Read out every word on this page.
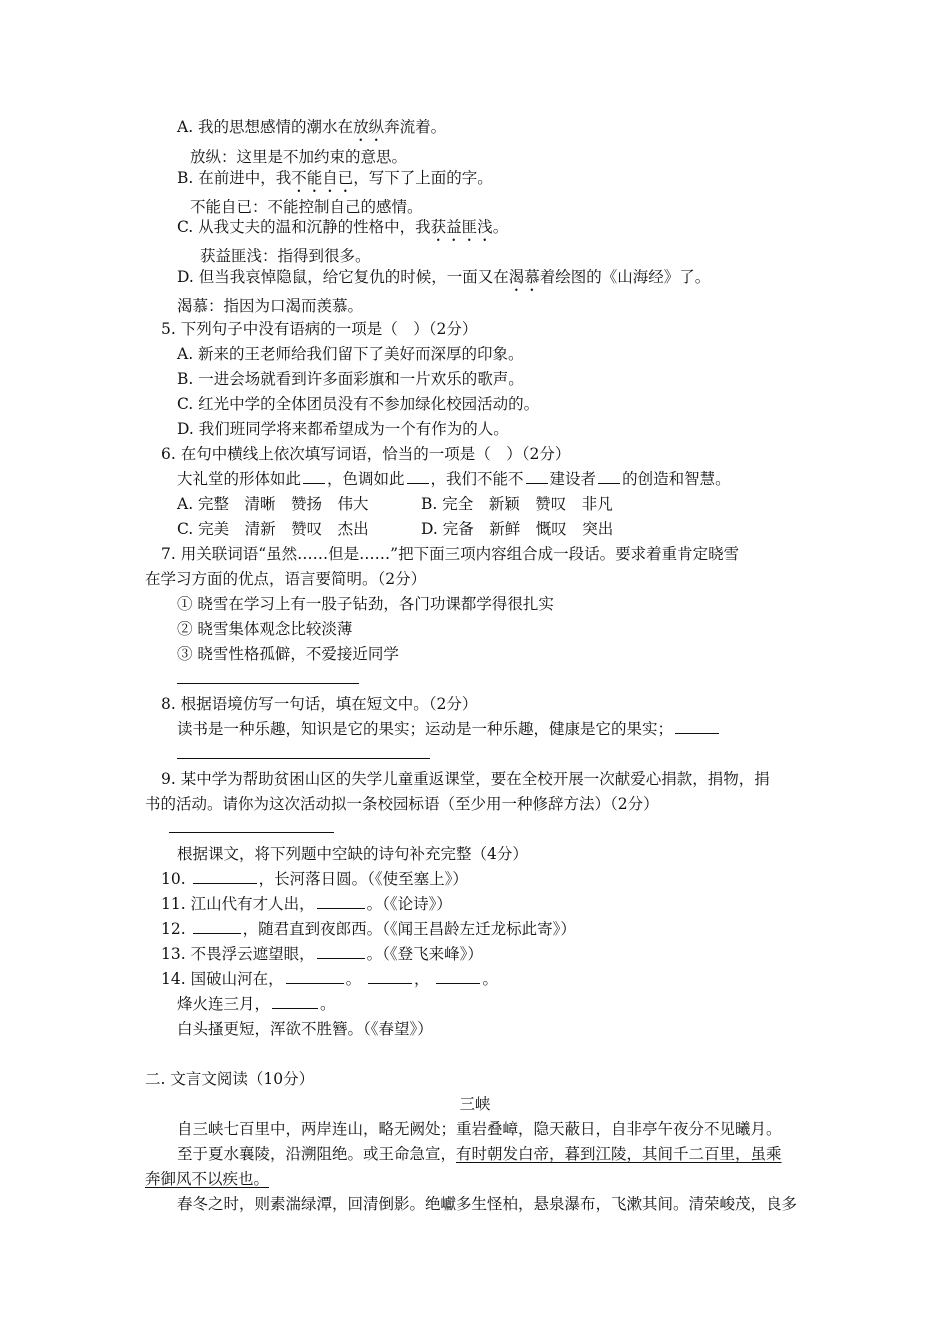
A. 我的思想感情的潮水在放纵奔流着。
放纵：这里是不加约束的意思。
B. 在前进中，我不能自已，写下了上面的字。
不能自已：不能控制自己的感情。
C. 从我丈夫的温和沉静的性格中，我获益匪浅。
获益匪浅：指得到很多。
D. 但当我哀悼隐鼠，给它复仇的时候，一面又在渴慕着绘图的《山海经》了。
渴慕：指因为口渴而羡慕。
5. 下列句子中没有语病的一项是（　）（2分）
A. 新来的王老师给我们留下了美好而深厚的印象。
B. 一进会场就看到许多面彩旗和一片欢乐的歌声。
C. 红光中学的全体团员没有不参加绿化校园活动的。
D. 我们班同学将来都希望成为一个有作为的人。
6. 在句中横线上依次填写词语，恰当的一项是（　）（2分）
大礼堂的形体如此 ，色调如此 ，我们不能不 建设者 的创造和智慧。
A. 完整　清晰　赞扬　伟大	B. 完全　新颖　赞叹　非凡
C. 完美　清新　赞叹　杰出	D. 完备　新鲜　慨叹　突出
7. 用关联词语“虽然……但是……”把下面三项内容组合成一段话。要求着重肯定晓雪
在学习方面的优点，语言要简明。（2分）
① 晓雪在学习上有一股子钻劲，各门功课都学得很扎实
② 晓雪集体观念比较淡薄
③ 晓雪性格孤僻，不爱接近同学
8. 根据语境仿写一句话，填在短文中。（2分）
读书是一种乐趣，知识是它的果实；运动是一种乐趣，健康是它的果实；
9. 某中学为帮助贫困山区的失学儿童重返课堂，要在全校开展一次献爱心捐款，捐物，捐
书的活动。请你为这次活动拟一条校园标语（至少用一种修辞方法）（2分）
根据课文，将下列题中空缺的诗句补充完整（4分）
10.	，长河落日圆。（《使至塞上》）
11. 江山代有才人出，	。（《论诗》）
12.	，随君直到夜郎西。（《闻王昌龄左迁龙标此寄》）
13. 不畏浮云遮望眼，	。（《登飞来峰》）
14. 国破山河在，	。	，	。
烽火连三月，	。
白头搔更短，浑欲不胜簪。（《春望》）
二. 文言文阅读（10分）
三峡
自三峡七百里中，两岸连山，略无阙处；重岩叠嶂，隐天蔽日，自非亭午夜分不见曦月。
至于夏水襄陵，沿溯阻绝。或王命急宣，有时朝发白帝，暮到江陵，其间千二百里，虽乘
奔御风不以疾也。
春冬之时，则素湍绿潭，回清倒影。绝巘多生怪柏，悬泉瀑布，飞漱其间。清荣峻茂，良多
